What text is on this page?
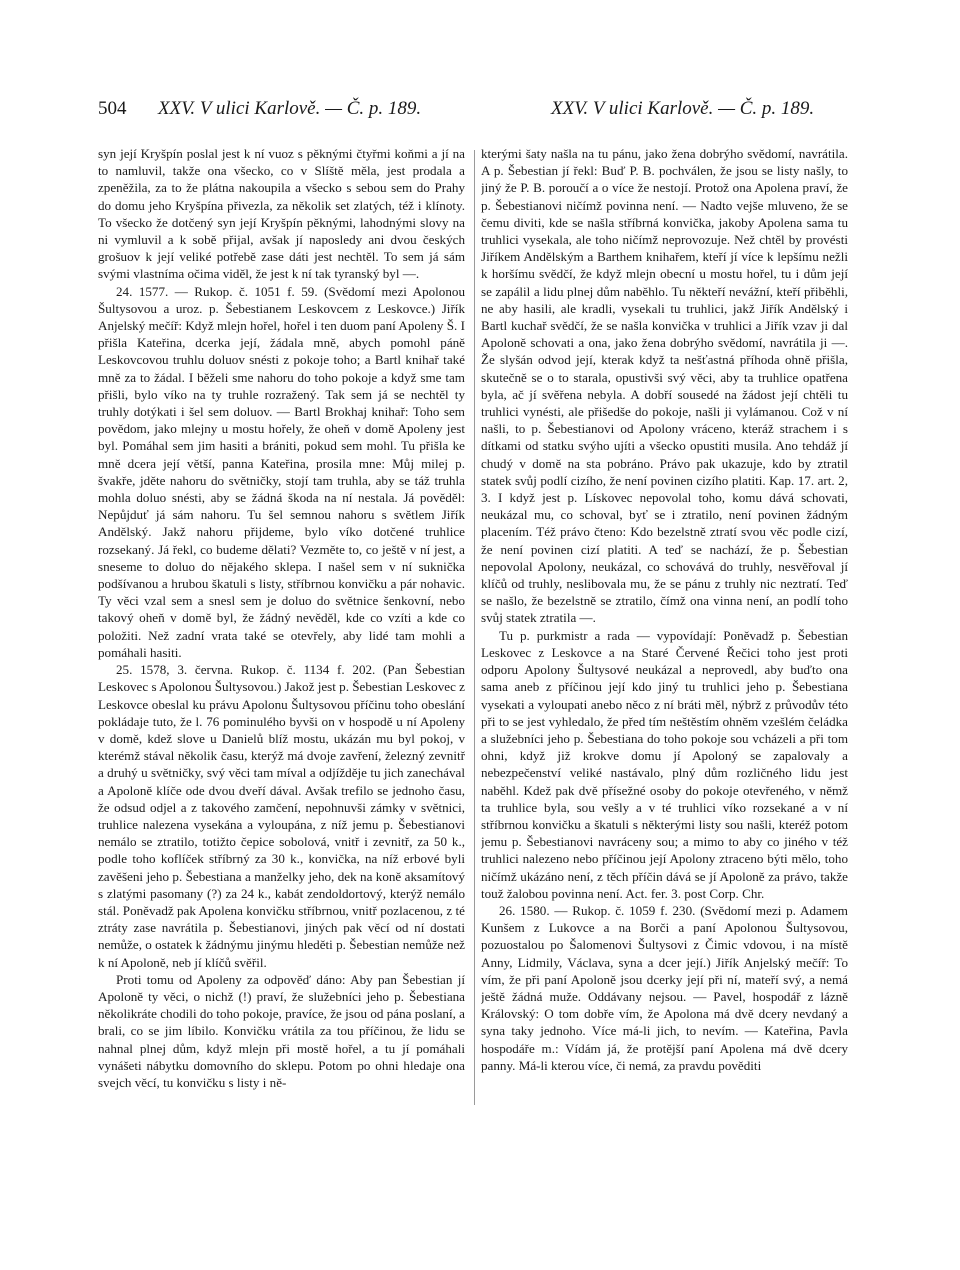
504 XXV. V ulici Karlově. — Č. p. 189.	XXV. V ulici Karlově. — Č. p. 189.

syn její Kryšpín poslal jest k ní vuoz s pěknými čtyřmi koňmi a jí na to namluvil, takže ona všecko, co v Slíště měla, jest prodala a zpeněžila, za to že plátna nakoupila a všecko s sebou sem do Prahy do domu jeho Kryšpína přivezla, za několik set zlatých, též i klínoty. To všecko že dotčený syn její Kryšpín pěknými, lahodnými slovy na ni vymluvil a k sobě přijal, avšak jí naposledy ani dvou českých grošuov k její veliké potřebě zase dáti jest nechtěl. To sem já sám svými vlastníma očima viděl, že jest k ní tak tyranský byl —.

24. 1577. — Rukop. č. 1051 f. 59. (Svědomí mezi Apolonou Šultysovou a uroz. p. Šebestianem Leskovcem z Leskovce.) Jiřík Anjelský mečíř: Když mlejn hořel, hořel i ten duom paní Apoleny Š. I přišla Kateřina, dcerka její, žádala mně, abych pomohl páně Leskovcovou truhlu doluov snésti z pokoje toho; a Bartl knihař také mně za to žádal. I běželi sme nahoru do toho pokoje a když sme tam přišli, bylo víko na ty truhle rozražený. Tak sem já se nechtěl ty truhly dotýkati i šel sem doluov. — Bartl Brokhaj knihař: Toho sem povědom, jako mlejny u mostu hořely, že oheň v domě Apoleny jest byl. Pomáhal sem jim hasiti a brániti, pokud sem mohl. Tu přišla ke mně dcera její větší, panna Kateřina, prosila mne: Můj milej p. švakře, jděte nahoru do světničky, stojí tam truhla, aby se táž truhla mohla doluo snésti, aby se žádná škoda na ní nestala. Já pověděl: Nepůjduť já sám nahoru. Tu šel semnou nahoru s světlem Jiřík Andělský. Jakž nahoru přijdeme, bylo víko dotčené truhlice rozsekaný. Já řekl, co budeme dělati? Vezměte to, co ještě v ní jest, a sneseme to doluo do nějakého sklepa. I našel sem v ní suknička podšívanou a hrubou škatuli s listy, stříbrnou konvičku a pár nohavic. Ty věci vzal sem a snesl sem je doluo do světnice šenkovní, nebo takový oheň v domě byl, že žádný nevěděl, kde co vzíti a kde co položiti. Než zadní vrata také se otevřely, aby lidé tam mohli a pomáhali hasiti.

25. 1578, 3. června. Rukop. č. 1134 f. 202. (Pan Šebestian Leskovec s Apolonou Šultysovou.) Jakož jest p. Šebestian Leskovec z Leskovce obeslal ku právu Apolonu Šultysovou příčinu toho obeslání pokládaje tuto, že l. 76 pominulého byvši on v hospodě u ní Apoleny v domě, kdež slove u Danielů blíž mostu, ukázán mu byl pokoj, v kterémž stával několik času, kterýž má dvoje zavření, železný zevnitř a druhý u světničky, svý věci tam míval a odjížděje tu jich zanechával a Apoloně klíče ode dvou dveří dával. Avšak trefilo se jednoho času, že odsud odjel a z takového zamčení, nepohnuvši zámky v světnici, truhlice nalezena vysekána a vyloupána, z níž jemu p. Šebestianovi nemálo se ztratilo, totižto čepice sobolová, vnitř i zevnitř, za 50 k., podle toho koflíček stříbrný za 30 k., konvička, na níž erbové byli zavěšeni jeho p. Šebestiana a manželky jeho, dek na koně aksamítový s zlatými pasomany (?) za 24 k., kabát zendoldortový, kterýž nemálo stál. Poněvadž pak Apolena konvičku stříbrnou, vnitř pozlacenou, z té ztráty zase navrátila p. Šebestianovi, jiných pak věcí od ní dostati nemůže, o ostatek k žádnýmu jinýmu hleděti p. Šebestian nemůže než k ní Apoloně, neb jí klíčů svěřil.

Proti tomu od Apoleny za odpověď dáno: Aby pan Šebestian jí Apoloně ty věci, o nichž (!) praví, že služebníci jeho p. Šebestiana několikráte chodili do toho pokoje, pravíce, že jsou od pána poslaní, a brali, co se jim líbilo. Konvičku vrátila za tou příčinou, že lidu se nahnal plnej dům, když mlejn při mostě hořel, a tu jí pomáhali vynášeti nábytku domovního do sklepu. Potom po ohni hledaje ona svejch věcí, tu konvičku s listy i ně-

kterými šaty našla na tu pánu, jako žena dobrýho svědomí, navrátila. A p. Šebestian jí řekl: Buď P. B. pochválen, že jsou se listy našly, to jiný že P. B. poroučí a o více že nestojí. Protož ona Apolena praví, že p. Šebestianovi ničímž povinna není. — Nadto vejše mluveno, že se čemu diviti, kde se našla stříbrná konvička, jakoby Apolena sama tu truhlici vysekala, ale toho ničímž neprovozuje. Než chtěl by provésti Jiříkem Andělským a Barthem knihařem, kteří jí více k lepšímu nežli k horšímu svědčí, že když mlejn obecní u mostu hořel, tu i dům její se zapálil a lidu plnej dům naběhlo. Tu někteří nevážní, kteří přiběhli, ne aby hasili, ale kradli, vysekali tu truhlici, jakž Jiřík Andělský i Bartl kuchař svědčí, že se našla konvička v truhlici a Jiřík vzav ji dal Apoloně schovati a ona, jako žena dobrýho svědomí, navrátila ji —. Že slyšán odvod její, kterak když ta nešťastná příhoda ohně přišla, skutečně se o to starala, opustivši svý věci, aby ta truhlice opatřena byla, ač jí svěřena nebyla. A dobří sousedé na žádost její chtěli tu truhlici vynésti, ale přišedše do pokoje, našli ji vylámanou. Což v ní našli, to p. Šebestianovi od Apolony vráceno, kteráž strachem i s dítkami od statku svýho ujíti a všecko opustiti musila. Ano tehdáž jí chudý v domě na sta pobráno. Právo pak ukazuje, kdo by ztratil statek svůj podlí cizího, že není povinen cizího platiti. Kap. 17. art. 2, 3. I když jest p. Lískovec nepovolal toho, komu dává schovati, neukázal mu, co schoval, byť se i ztratilo, není povinen žádným placením. Též právo čteno: Kdo bezelstně ztratí svou věc podle cizí, že není povinen cizí platiti. A teď se nachází, že p. Šebestian nepovolal Apolony, neukázal, co schovává do truhly, nesvěřoval jí klíčů od truhly, neslibovala mu, že se pánu z truhly nic neztratí. Teď se našlo, že bezelstně se ztratilo, čímž ona vinna není, an podlí toho svůj statek ztratila —.

Tu p. purkmistr a rada — vypovídají: Poněvadž p. Šebestian Leskovec z Leskovce a na Staré Červené Řečici toho jest proti odporu Apolony Šultysové neukázal a neprovedl, aby buďto ona sama aneb z příčinou její kdo jiný tu truhlici jeho p. Šebestiana vysekati a vyloupati anebo něco z ní bráti měl, nýbrž z průvodův této při to se jest vyhledalo, že před tím neštěstím ohněm vzešlém čeládka a služebníci jeho p. Šebestiana do toho pokoje sou vcházeli a při tom ohni, když již krokve domu jí Apoloný se zapalovaly a nebezpečenství veliké nastávalo, plný dům rozličného lidu jest naběhl. Kdež pak dvě přísežné osoby do pokoje otevřeného, v němž ta truhlice byla, sou vešly a v té truhlici víko rozsekané a v ní stříbrnou konvičku a škatuli s některými listy sou našli, kteréž potom jemu p. Šebestianovi navráceny sou; a mimo to aby co jiného v též truhlici nalezeno nebo příčinou její Apolony ztraceno býti mělo, toho ničímž ukázáno není, z těch příčin dává se jí Apoloně za právo, takže touž žalobou povinna není. Act. fer. 3. post Corp. Chr.

26. 1580. — Rukop. č. 1059 f. 230. (Svědomí mezi p. Adamem Kunšem z Lukovce a na Borči a paní Apolonou Šultysovou, pozuostalou po Šalomenovi Šultysovi z Čimic vdovou, i na místě Anny, Lidmily, Václava, syna a dcer její.) Jiřík Anjelský mečíř: To vím, že při paní Apoloně jsou dcerky její při ní, mateří svý, a nemá ještě žádná muže. Oddávany nejsou. — Pavel, hospodář z lázně Královský: O tom dobře vím, že Apolona má dvě dcery nevdaný a syna taky jednoho. Více má-li jich, to nevím. — Kateřina, Pavla hospodáře m.: Vídám já, že protější paní Apolena má dvě dcery panny. Má-li kterou více, či nemá, za pravdu pověditi
